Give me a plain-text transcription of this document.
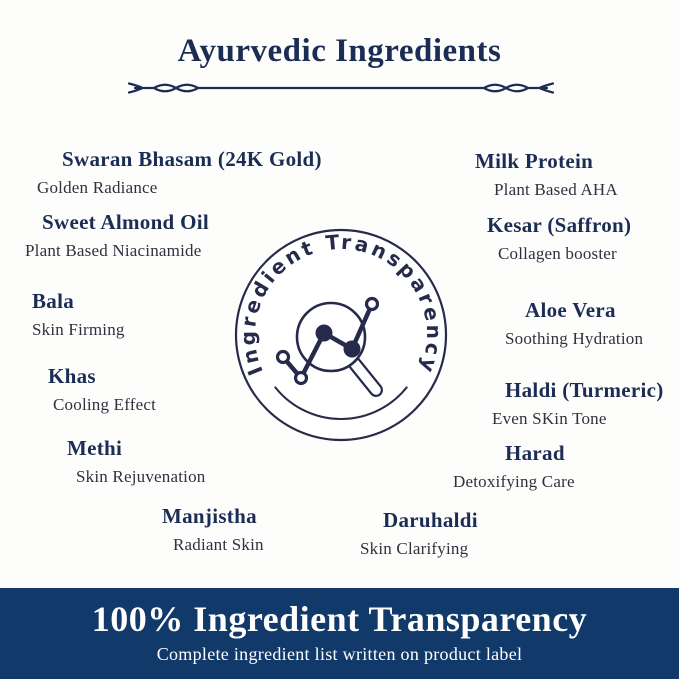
Ayurvedic Ingredients
Swaran Bhasam (24K Gold)
Golden Radiance
Sweet Almond Oil
Plant Based Niacinamide
Bala
Skin Firming
Khas
Cooling Effect
Methi
Skin Rejuvenation
Manjistha
Radiant Skin
Milk Protein
Plant Based AHA
Kesar (Saffron)
Collagen booster
Aloe Vera
Soothing Hydration
Haldi (Turmeric)
Even SKin Tone
Harad
Detoxifying Care
Daruhaldi
Skin Clarifying
Ingredient Transparency
100% Ingredient Transparency
Complete ingredient list written on product label
